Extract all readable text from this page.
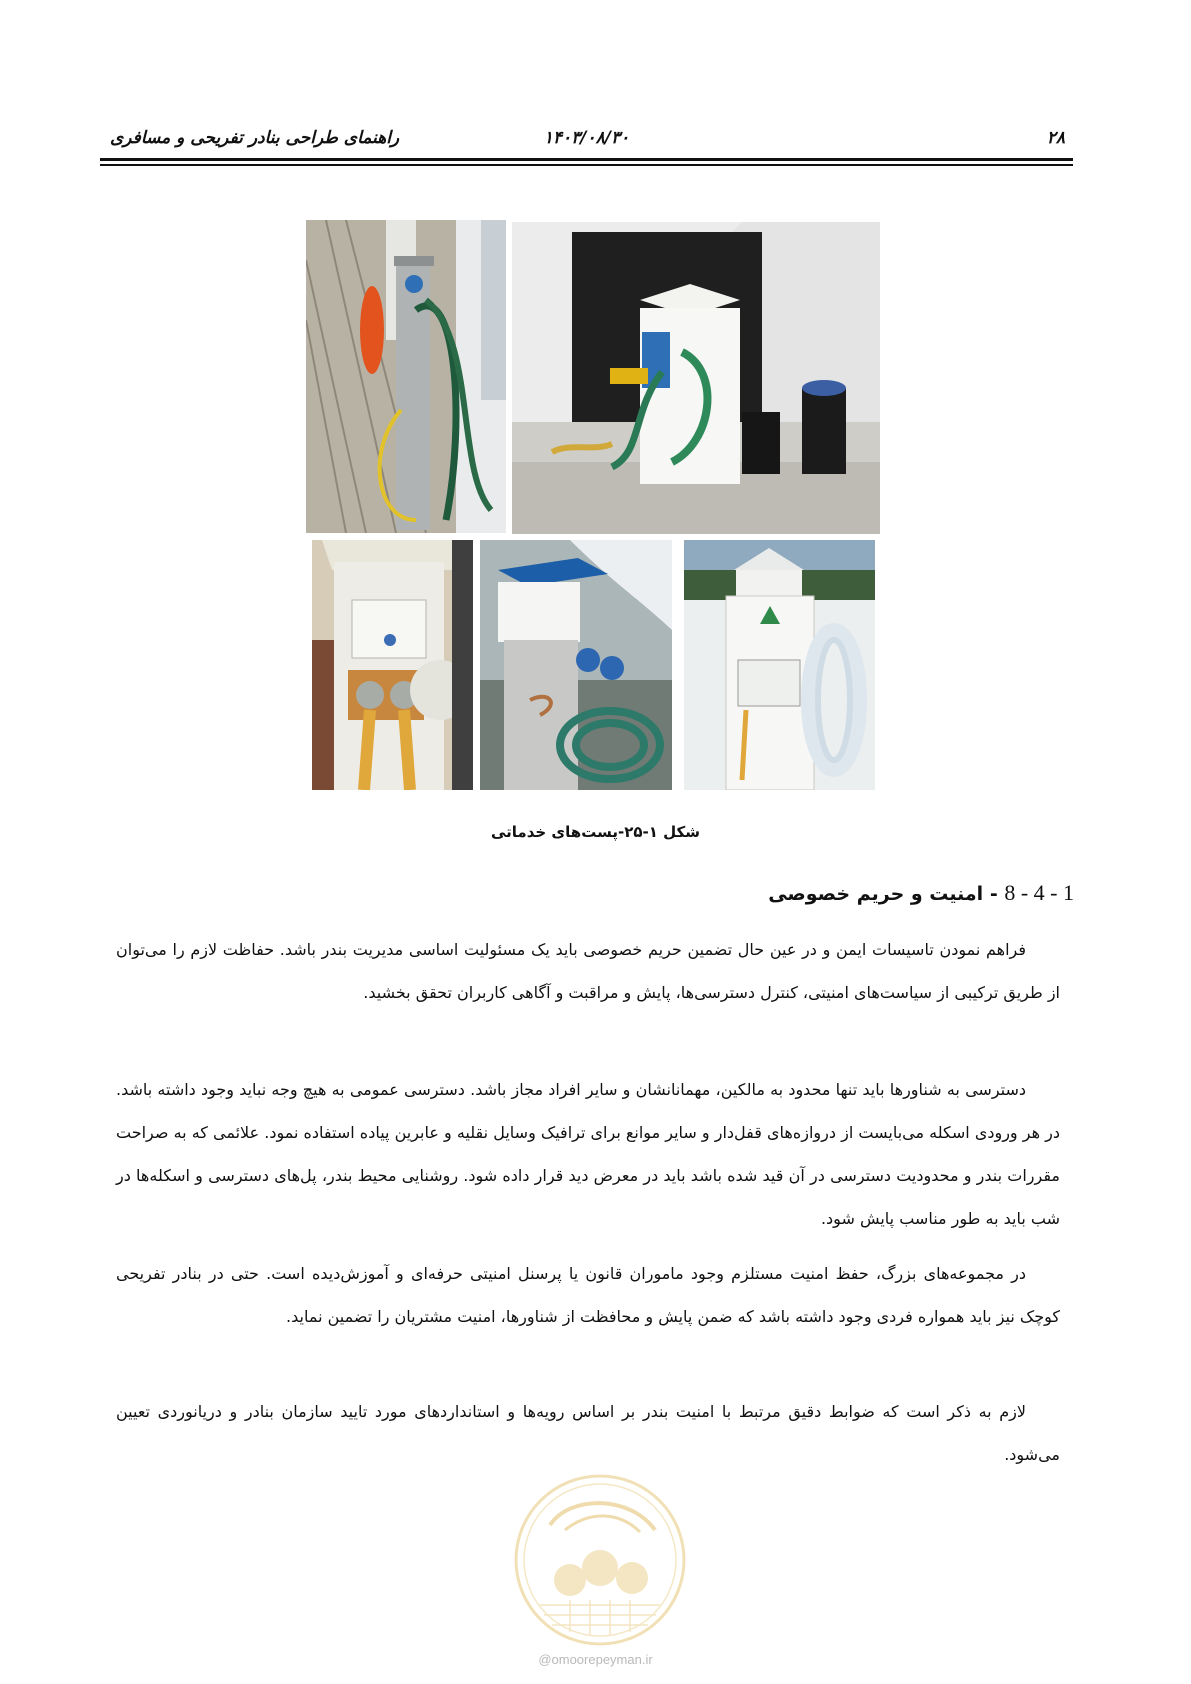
۲۸
۱۴۰۳/۰۸/۳۰
راهنمای طراحی بنادر تفریحی و مسافری
شکل ۱-۲۵-پست‌های خدماتی
1 - 4 - 8 - امنیت و حریم خصوصی

فراهم نمودن تاسیسات ایمن و در عین حال تضمین حریم خصوصی باید یک مسئولیت اساسی مدیریت بندر باشد. حفاظت لازم را می‌توان از طریق ترکیبی از سیاست‌های امنیتی، کنترل دسترسی‌ها، پایش و مراقبت و آگاهی کاربران تحقق بخشید.

دسترسی به شناورها باید تنها محدود به مالکین، مهمانانشان و سایر افراد مجاز باشد. دسترسی عمومی به هیچ وجه نباید وجود داشته باشد. در هر ورودی اسکله می‌بایست از دروازه‌های قفل‌دار و سایر موانع برای ترافیک وسایل نقلیه و عابرین پیاده استفاده نمود. علائمی که به صراحت مقررات بندر و محدودیت دسترسی در آن قید شده باشد باید در معرض دید قرار داده شود. روشنایی محیط بندر، پل‌های دسترسی و اسکله‌ها در شب باید به طور مناسب پایش شود.

در مجموعه‌های بزرگ، حفظ امنیت مستلزم وجود ماموران قانون یا پرسنل امنیتی حرفه‌ای و آموزش‌دیده است. حتی در بنادر تفریحی کوچک نیز باید همواره فردی وجود داشته باشد که ضمن پایش و محافظت از شناورها، امنیت مشتریان را تضمین نماید.

لازم به ذکر است که ضوابط دقیق مرتبط با امنیت بندر بر اساس رویه‌ها و استانداردهای مورد تایید سازمان بنادر و دریانوردی تعیین می‌شود.

@omoorepeyman.ir
